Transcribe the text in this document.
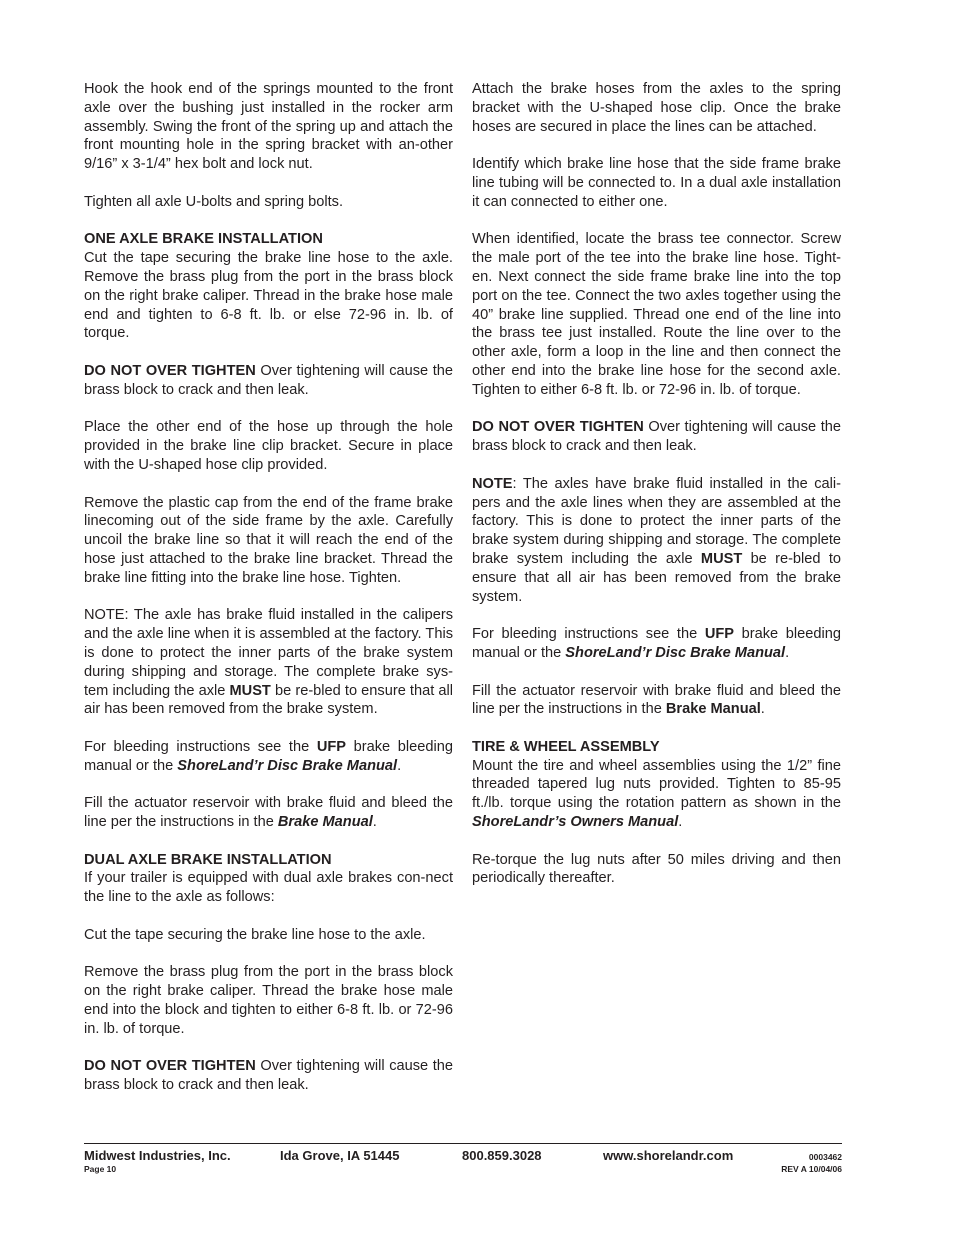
Hook the hook end of the springs mounted to the front axle over the bushing just installed in the rocker arm assembly. Swing the front of the spring up and attach the front mounting hole in the spring bracket with an-other 9/16” x 3-1/4” hex bolt and lock nut.

Tighten all axle U-bolts and spring bolts.

ONE AXLE BRAKE INSTALLATION
Cut the tape securing the brake line hose to the axle. Remove the brass plug from the port in the brass block on the right brake caliper. Thread in the brake hose male end and tighten to 6-8 ft. lb. or else 72-96 in. lb. of torque.

DO NOT OVER TIGHTEN Over tightening will cause the brass block to crack and then leak.

Place the other end of the hose up through the hole provided in the brake line clip bracket. Secure in place with the U-shaped hose clip provided.

Remove the plastic cap from the end of the frame brake linecoming out of the side frame by the axle. Carefully uncoil the brake line so that it will reach the end of the hose just attached to the brake line bracket. Thread the brake line fitting into the brake line hose. Tighten.

NOTE: The axle has brake fluid installed in the calipers and the axle line when it is assembled at the factory. This is done to protect the inner parts of the brake system during shipping and storage. The complete brake sys-tem including the axle MUST be re-bled to ensure that all air has been removed from the brake system.

For bleeding instructions see the UFP brake bleeding manual or the ShoreLand’r Disc Brake Manual.

Fill the actuator reservoir with brake fluid and bleed the line per the instructions in the Brake Manual.

DUAL AXLE BRAKE INSTALLATION
If your trailer is equipped with dual axle brakes con-nect the line to the axle as follows:

Cut the tape securing the brake line hose to the axle.

Remove the brass plug from the port in the brass block on the right brake caliper. Thread the brake hose male end into the block and tighten to either 6-8 ft. lb. or 72-96 in. lb. of torque.

DO NOT OVER TIGHTEN Over tightening will cause the brass block to crack and then leak.

Attach the brake hoses from the axles to the spring bracket with the U-shaped hose clip. Once the brake hoses are secured in place the lines can be attached.

Identify which brake line hose that the side frame brake line tubing will be connected to. In a dual axle installation it can connected to either one.

When identified, locate the brass tee connector. Screw the male port of the tee into the brake line hose. Tight-en. Next connect the side frame brake line into the top port on the tee. Connect the two axles together using the 40” brake line supplied. Thread one end of the line into the brass tee just installed. Route the line over to the other axle, form a loop in the line and then connect the other end into the brake line hose for the second axle. Tighten to either 6-8 ft. lb. or 72-96 in. lb. of torque.

DO NOT OVER TIGHTEN Over tightening will cause the brass block to crack and then leak.

NOTE: The axles have brake fluid installed in the cali-pers and the axle lines when they are assembled at the factory. This is done to protect the inner parts of the brake system during shipping and storage. The complete brake system including the axle MUST be re-bled to ensure that all air has been removed from the brake system.

For bleeding instructions see the UFP brake bleeding manual or the ShoreLand’r Disc Brake Manual.

Fill the actuator reservoir with brake fluid and bleed the line per the instructions in the Brake Manual.

TIRE & WHEEL ASSEMBLY
Mount the tire and wheel assemblies using the 1/2” fine threaded tapered lug nuts provided. Tighten to 85-95 ft./lb. torque using the rotation pattern as shown in the ShoreLandr’s Owners Manual.

Re-torque the lug nuts after 50 miles driving and then periodically thereafter.

Midwest Industries, Inc.	Ida Grove, IA 51445	800.859.3028	www.shorelandr.com	0003462
Page 10	REV A 10/04/06
